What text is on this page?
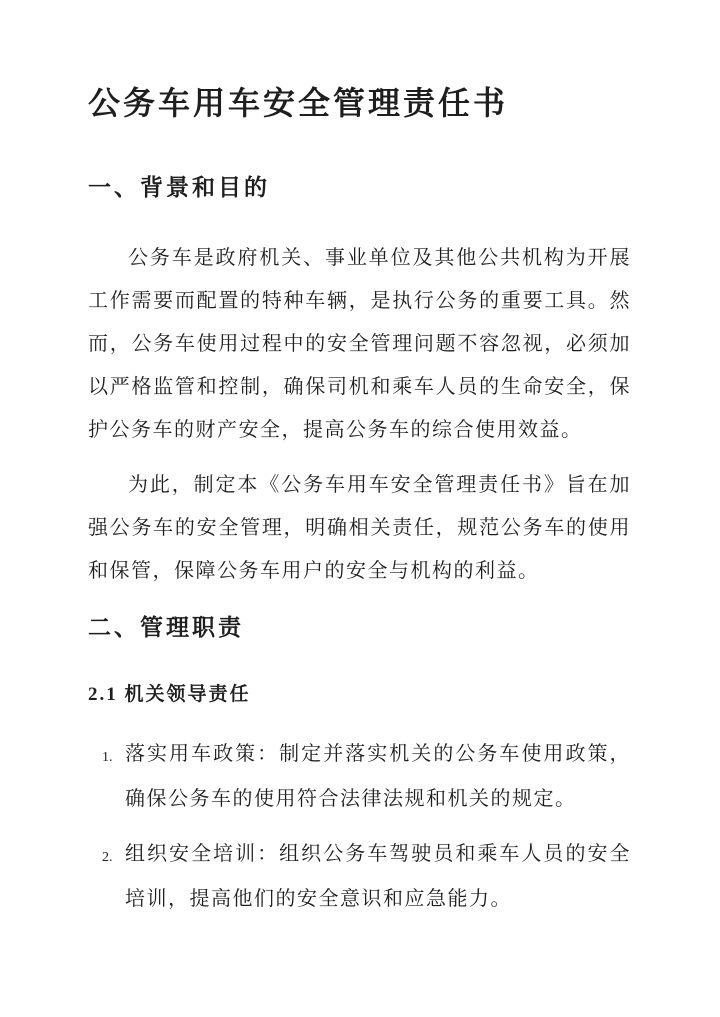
公务车用车安全管理责任书
一、背景和目的

公务车是政府机关、事业单位及其他公共机构为开展工作需要而配置的特种车辆，是执行公务的重要工具。然而，公务车使用过程中的安全管理问题不容忽视，必须加以严格监管和控制，确保司机和乘车人员的生命安全，保护公务车的财产安全，提高公务车的综合使用效益。

为此，制定本《公务车用车安全管理责任书》旨在加强公务车的安全管理，明确相关责任，规范公务车的使用和保管，保障公务车用户的安全与机构的利益。

二、管理职责
2.1 机关领导责任
1. 落实用车政策：制定并落实机关的公务车使用政策，确保公务车的使用符合法律法规和机关的规定。
2. 组织安全培训：组织公务车驾驶员和乘车人员的安全培训，提高他们的安全意识和应急能力。
